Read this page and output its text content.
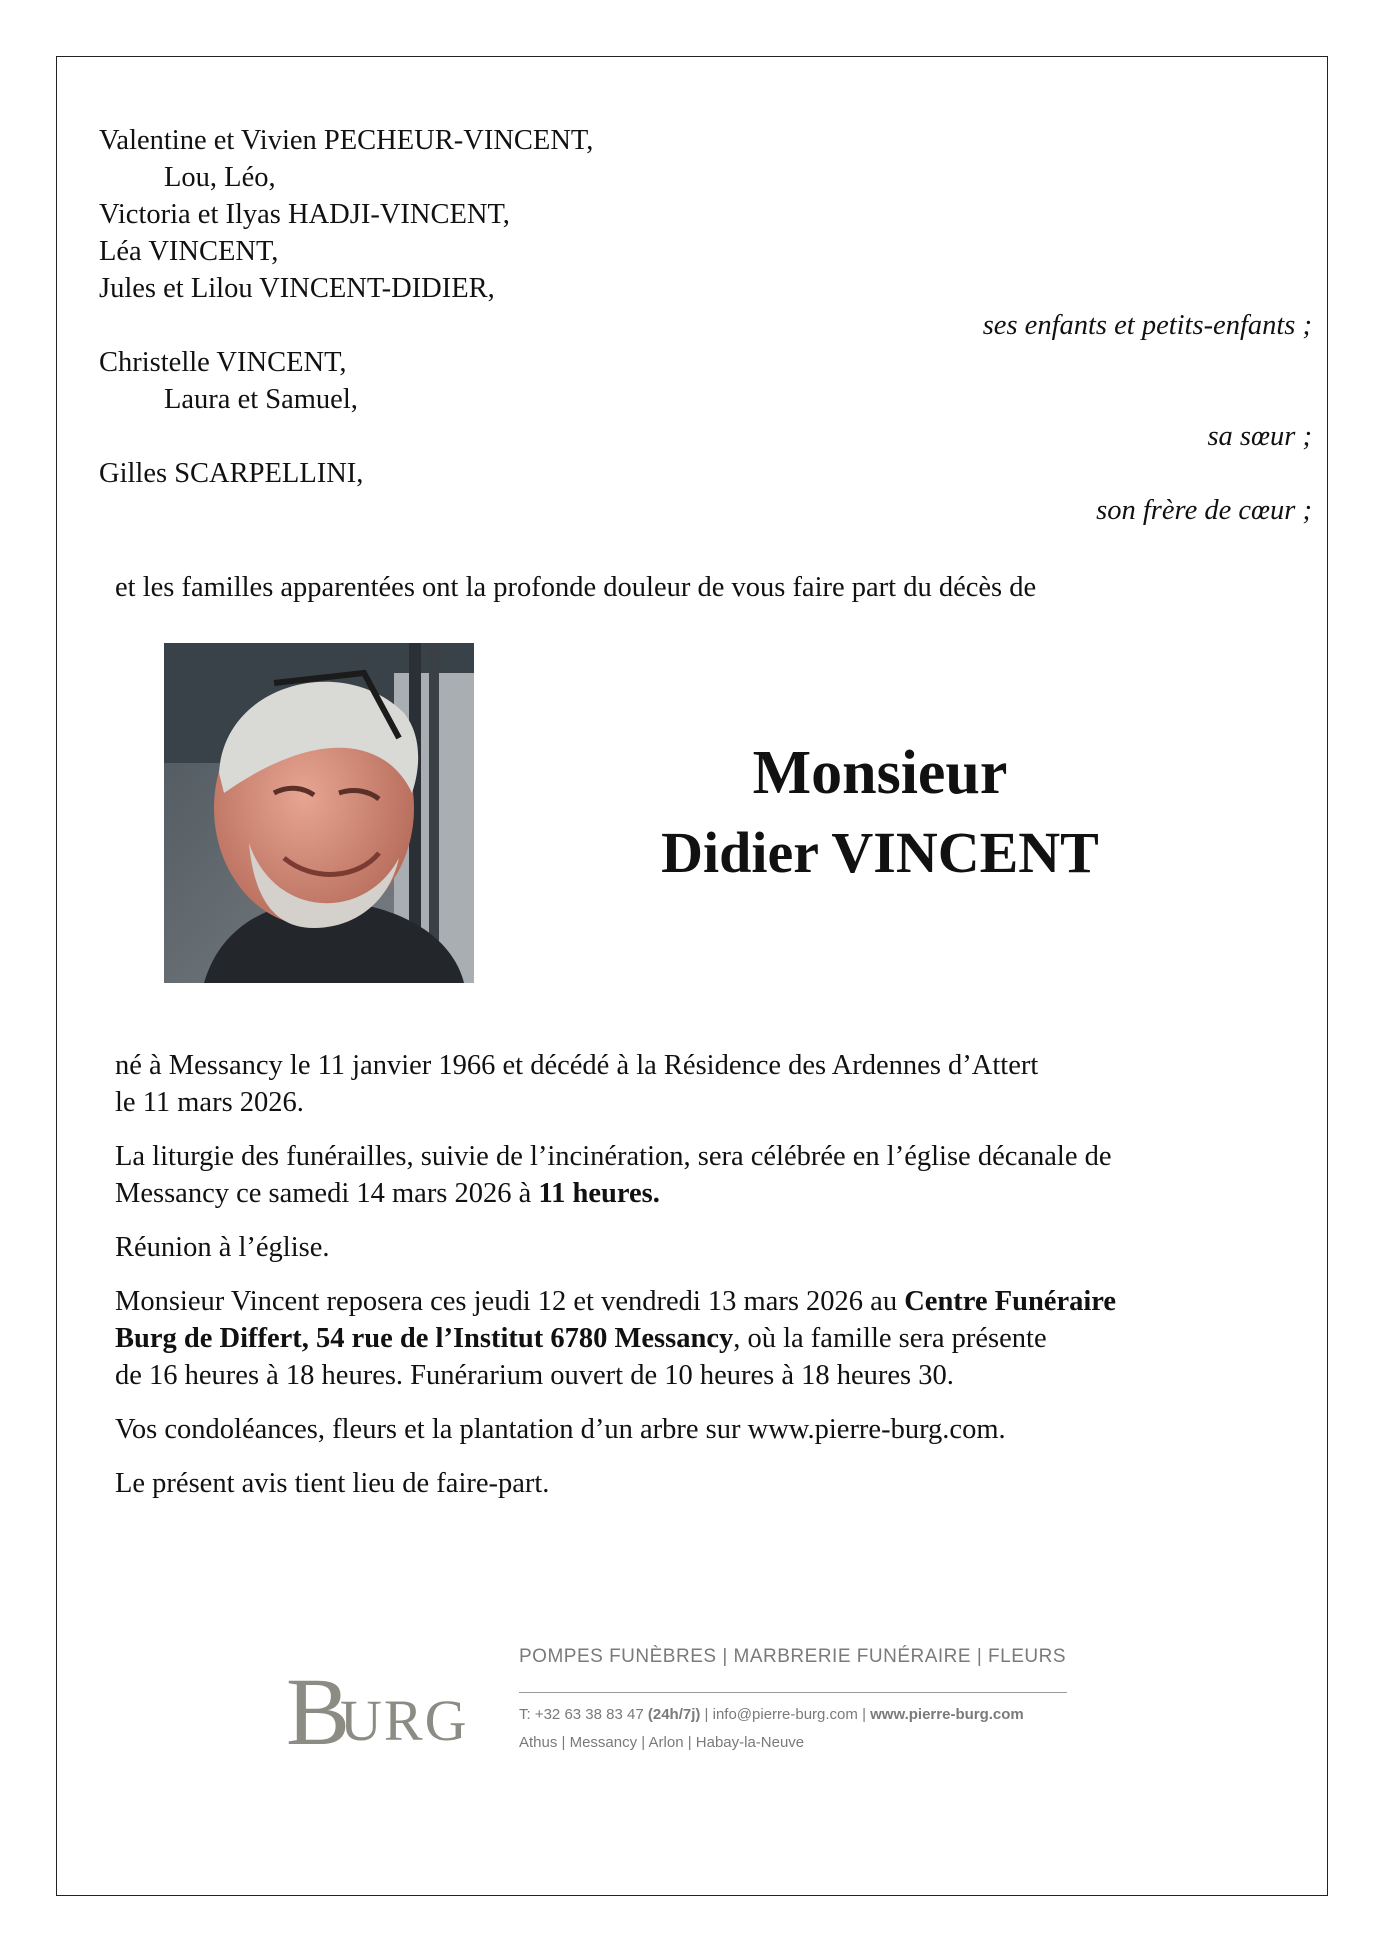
Valentine et Vivien PECHEUR-VINCENT,
Lou, Léo,
Victoria et Ilyas HADJI-VINCENT,
Léa VINCENT,
Jules et Lilou VINCENT-DIDIER,
ses enfants et petits-enfants ;
Christelle VINCENT,
Laura et Samuel,
sa sœur ;
Gilles SCARPELLINI,
son frère de cœur ;
et les familles apparentées ont la profonde douleur de vous faire part du décès de
Monsieur
Didier VINCENT
né à Messancy le 11 janvier 1966 et décédé à la Résidence des Ardennes d’Attert
le 11 mars 2026.
La liturgie des funérailles, suivie de l’incinération, sera célébrée en l’église décanale de
Messancy ce samedi 14 mars 2026 à 11 heures.
Réunion à l’église.
Monsieur Vincent reposera ces jeudi 12 et vendredi 13 mars 2026 au Centre Funéraire
Burg de Differt, 54 rue de l’Institut 6780 Messancy, où la famille sera présente
de 16 heures à 18 heures. Funérarium ouvert de 10 heures à 18 heures 30.
Vos condoléances, fleurs et la plantation d’un arbre sur www.pierre-burg.com.
Le présent avis tient lieu de faire-part.
B
URG
POMPES FUNÈBRES | MARBRERIE FUNÉRAIRE | FLEURS
T: +32 63 38 83 47 (24h/7j) | info@pierre-burg.com | www.pierre-burg.com
Athus | Messancy | Arlon | Habay-la-Neuve
